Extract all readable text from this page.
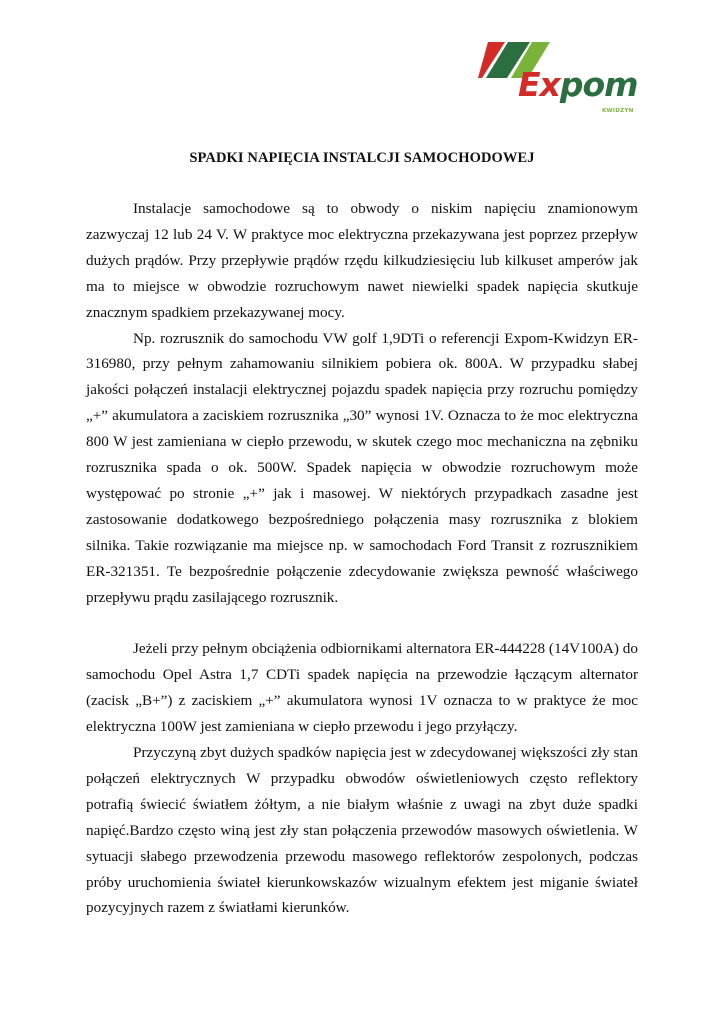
Expom
KWIDZYN
SPADKI NAPIĘCIA INSTALCJI SAMOCHODOWEJ

Instalacje samochodowe są to obwody o niskim napięciu znamionowym zazwyczaj 12 lub 24 V. W praktyce moc elektryczna przekazywana jest poprzez przepływ dużych prądów. Przy przepływie prądów rzędu kilkudziesięciu lub kilkuset amperów jak ma to miejsce w obwodzie rozruchowym nawet niewielki spadek napięcia skutkuje znacznym spadkiem przekazywanej mocy.

Np. rozrusznik do samochodu VW golf 1,9DTi o referencji Expom-Kwidzyn ER-316980, przy pełnym zahamowaniu silnikiem pobiera ok. 800A. W przypadku słabej jakości połączeń instalacji elektrycznej pojazdu spadek napięcia przy rozruchu pomiędzy „+” akumulatora a zaciskiem rozrusznika „30” wynosi 1V. Oznacza to że moc elektryczna 800 W jest zamieniana w ciepło przewodu, w skutek czego moc mechaniczna na zębniku rozrusznika spada o ok. 500W. Spadek napięcia w obwodzie rozruchowym może występować po stronie „+” jak i masowej. W niektórych przypadkach zasadne jest zastosowanie dodatkowego bezpośredniego połączenia masy rozrusznika z blokiem silnika. Takie rozwiązanie ma miejsce np. w samochodach Ford Transit z rozrusznikiem ER-321351. Te bezpośrednie połączenie zdecydowanie zwiększa pewność właściwego przepływu prądu zasilającego rozrusznik.

Jeżeli przy pełnym obciążenia odbiornikami alternatora ER-444228 (14V100A) do samochodu Opel Astra 1,7 CDTi spadek napięcia na przewodzie łączącym alternator (zacisk „B+”) z zaciskiem „+” akumulatora wynosi 1V oznacza to w praktyce że moc elektryczna 100W jest zamieniana w ciepło przewodu i jego przyłączy.

Przyczyną zbyt dużych spadków napięcia jest w zdecydowanej większości zły stan połączeń elektrycznych W przypadku obwodów oświetleniowych często reflektory potrafią świecić światłem żółtym, a nie białym właśnie z uwagi na zbyt duże spadki napięć.Bardzo często winą jest zły stan połączenia przewodów masowych oświetlenia. W sytuacji słabego przewodzenia przewodu masowego reflektorów zespolonych, podczas próby uruchomienia świateł kierunkowskazów wizualnym efektem jest miganie świateł pozycyjnych razem z światłami kierunków.
